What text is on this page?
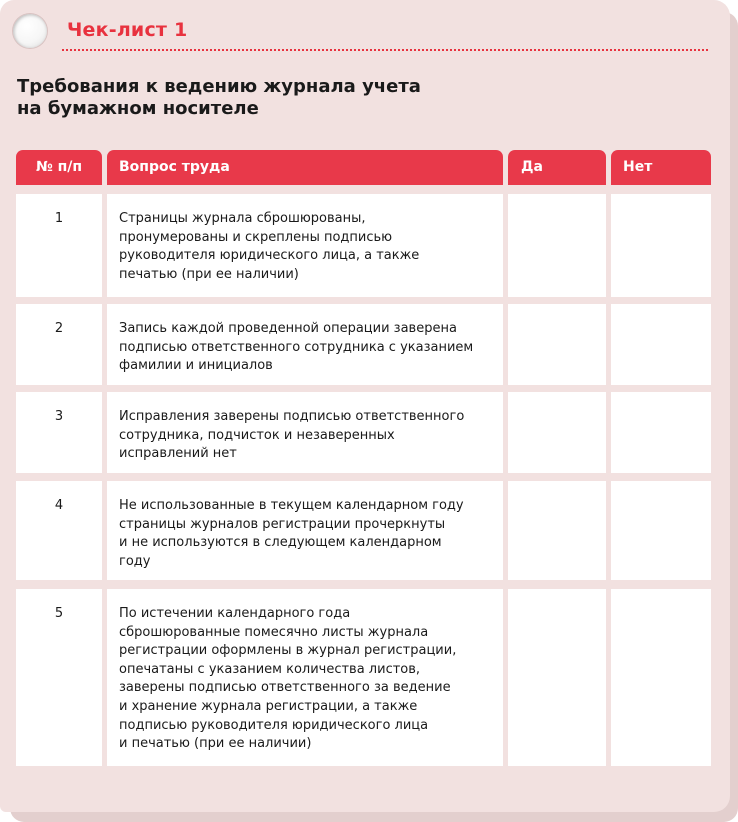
Чек-лист 1
Требования к ведению журнала учета
на бумажном носителе
№ п/п	Вопрос труда	Да	Нет
1	Страницы журнала сброшюрованы,
пронумерованы и скреплены подписью
руководителя юридического лица, а также
печатью (при ее наличии)
2	Запись каждой проведенной операции заверена
подписью ответственного сотрудника с указанием
фамилии и инициалов
3	Исправления заверены подписью ответственного
сотрудника, подчисток и незаверенных
исправлений нет
4	Не использованные в текущем календарном году
страницы журналов регистрации прочеркнуты
и не используются в следующем календарном
году
5	По истечении календарного года
сброшюрованные помесячно листы журнала
регистрации оформлены в журнал регистрации,
опечатаны с указанием количества листов,
заверены подписью ответственного за ведение
и хранение журнала регистрации, а также
подписью руководителя юридического лица
и печатью (при ее наличии)
